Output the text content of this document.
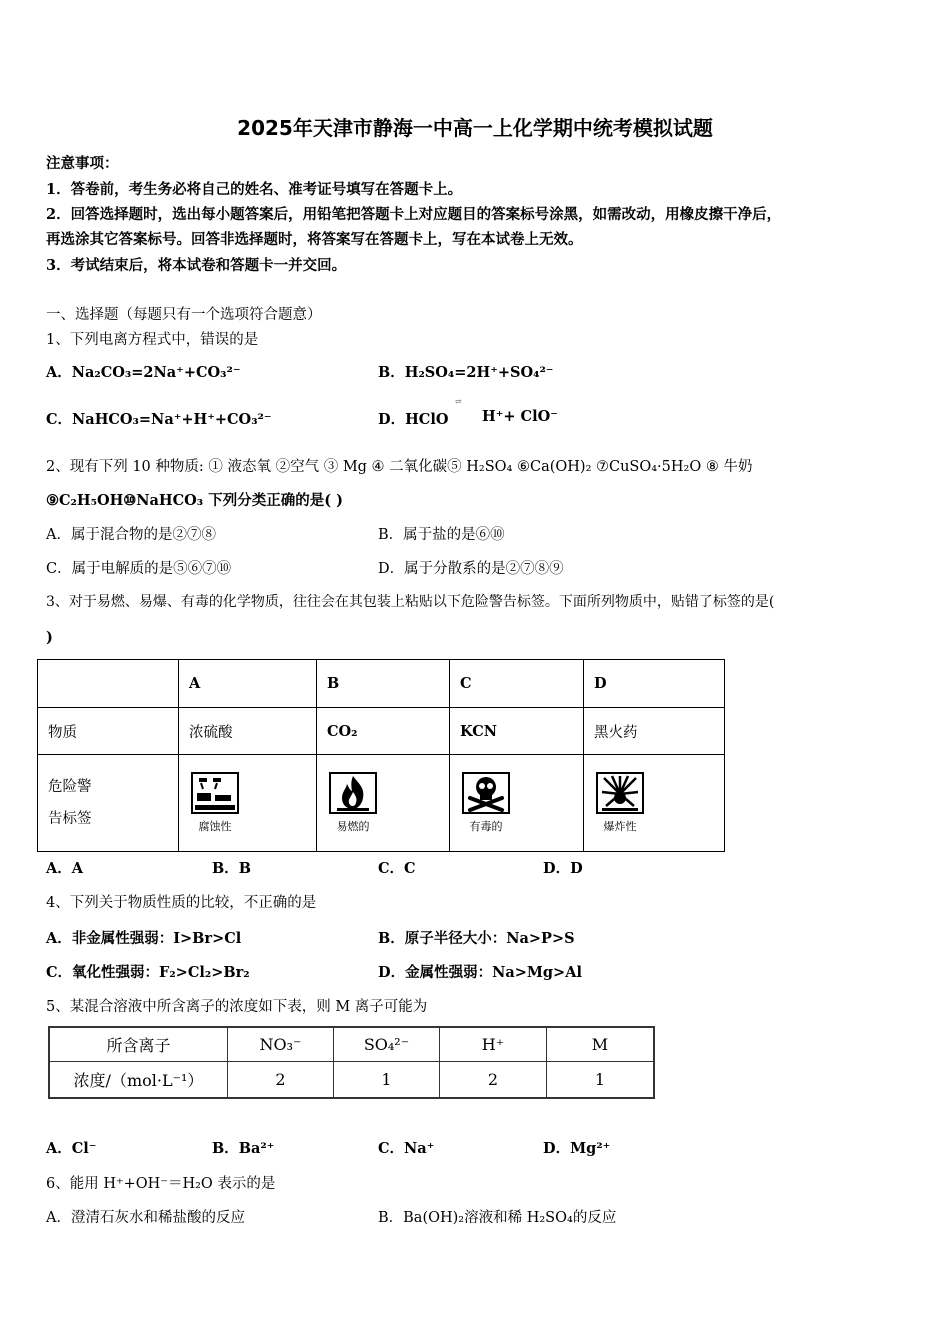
2025年天津市静海一中高一上化学期中统考模拟试题
注意事项：
1．答卷前，考生务必将自己的姓名、准考证号填写在答题卡上。
2．回答选择题时，选出每小题答案后，用铅笔把答题卡上对应题目的答案标号涂黑，如需改动，用橡皮擦干净后，
再选涂其它答案标号。回答非选择题时，将答案写在答题卡上，写在本试卷上无效。
3．考试结束后，将本试卷和答题卡一并交回。
一、选择题（每题只有一个选项符合题意）
1、下列电离方程式中，错误的是
A．Na₂CO₃=2Na⁺+CO₃²⁻	B．H₂SO₄=2H⁺+SO₄²⁻
C．NaHCO₃=Na⁺+H⁺+CO₃²⁻	D．HClO
⇌
H⁺+ ClO⁻
2、现有下列 10 种物质: ① 液态氧 ②空气 ③ Mg ④ 二氧化碳⑤ H₂SO₄ ⑥Ca(OH)₂ ⑦CuSO₄·5H₂O ⑧ 牛奶
⑨C₂H₅OH⑩NaHCO₃ 下列分类正确的是( )
A．属于混合物的是②⑦⑧	B．属于盐的是⑥⑩
C．属于电解质的是⑤⑥⑦⑩	D．属于分散系的是②⑦⑧⑨
3、对于易燃、易爆、有毒的化学物质，往往会在其包装上粘贴以下危险警告标签。下面所列物质中，贴错了标签的是(
)
	A	B	C	D
物质	浓硫酸	CO₂	KCN	黑火药

危险警
告标签	腐蚀性	易燃的	有毒的	爆炸性
A．A	B．B	C．C	D．D
4、下列关于物质性质的比较，不正确的是
A．非金属性强弱：I>Br>Cl	B．原子半径大小：Na>P>S
C．氧化性强弱：F₂>Cl₂>Br₂	D．金属性强弱：Na>Mg>Al
5、某混合溶液中所含离子的浓度如下表，则 M 离子可能为
所含离子	NO₃⁻	SO₄²⁻	H⁺	M
浓度/（mol·L⁻¹）	2	1	2	1
A．Cl⁻	B．Ba²⁺	C．Na⁺	D．Mg²⁺
6、能用 H⁺+OH⁻＝H₂O 表示的是
A．澄清石灰水和稀盐酸的反应	B．Ba(OH)₂溶液和稀 H₂SO₄的反应
